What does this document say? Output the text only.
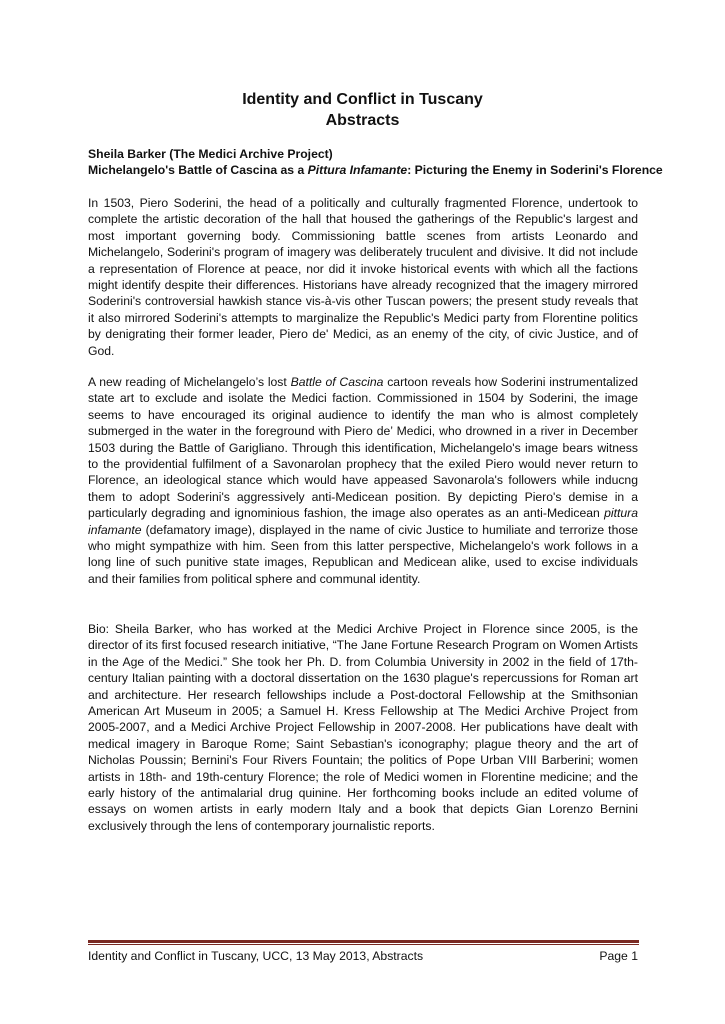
Identity and Conflict in Tuscany
Abstracts
Sheila Barker (The Medici Archive Project)
Michelangelo's Battle of Cascina as a Pittura Infamante: Picturing the Enemy in Soderini's Florence

In 1503, Piero Soderini, the head of a politically and culturally fragmented Florence, undertook to complete the artistic decoration of the hall that housed the gatherings of the Republic's largest and most important governing body. Commissioning battle scenes from artists Leonardo and Michelangelo, Soderini's program of imagery was deliberately truculent and divisive. It did not include a representation of Florence at peace, nor did it invoke historical events with which all the factions might identify despite their differences. Historians have already recognized that the imagery mirrored Soderini's controversial hawkish stance vis-à-vis other Tuscan powers; the present study reveals that it also mirrored Soderini's attempts to marginalize the Republic's Medici party from Florentine politics by denigrating their former leader, Piero de' Medici, as an enemy of the city, of civic Justice, and of God.

A new reading of Michelangelo’s lost Battle of Cascina cartoon reveals how Soderini instrumentalized state art to exclude and isolate the Medici faction. Commissioned in 1504 by Soderini, the image seems to have encouraged its original audience to identify the man who is almost completely submerged in the water in the foreground with Piero de’ Medici, who drowned in a river in December 1503 during the Battle of Garigliano. Through this identification, Michelangelo's image bears witness to the providential fulfilment of a Savonarolan prophecy that the exiled Piero would never return to Florence, an ideological stance which would have appeased Savonarola's followers while inducng them to adopt Soderini's aggressively anti-Medicean position. By depicting Piero's demise in a particularly degrading and ignominious fashion, the image also operates as an anti-Medicean pittura infamante (defamatory image), displayed in the name of civic Justice to humiliate and terrorize those who might sympathize with him. Seen from this latter perspective, Michelangelo's work follows in a long line of such punitive state images, Republican and Medicean alike, used to excise individuals and their families from political sphere and communal identity.

Bio: Sheila Barker, who has worked at the Medici Archive Project in Florence since 2005, is the director of its first focused research initiative, “The Jane Fortune Research Program on Women Artists in the Age of the Medici.” She took her Ph. D. from Columbia University in 2002 in the field of 17th-century Italian painting with a doctoral dissertation on the 1630 plague's repercussions for Roman art and architecture. Her research fellowships include a Post-doctoral Fellowship at the Smithsonian American Art Museum in 2005; a Samuel H. Kress Fellowship at The Medici Archive Project from 2005-2007, and a Medici Archive Project Fellowship in 2007-2008. Her publications have dealt with medical imagery in Baroque Rome; Saint Sebastian's iconography; plague theory and the art of Nicholas Poussin; Bernini's Four Rivers Fountain; the politics of Pope Urban VIII Barberini; women artists in 18th- and 19th-century Florence; the role of Medici women in Florentine medicine; and the early history of the antimalarial drug quinine. Her forthcoming books include an edited volume of essays on women artists in early modern Italy and a book that depicts Gian Lorenzo Bernini exclusively through the lens of contemporary journalistic reports.

Identity and Conflict in Tuscany, UCC, 13 May 2013, Abstracts	Page 1
